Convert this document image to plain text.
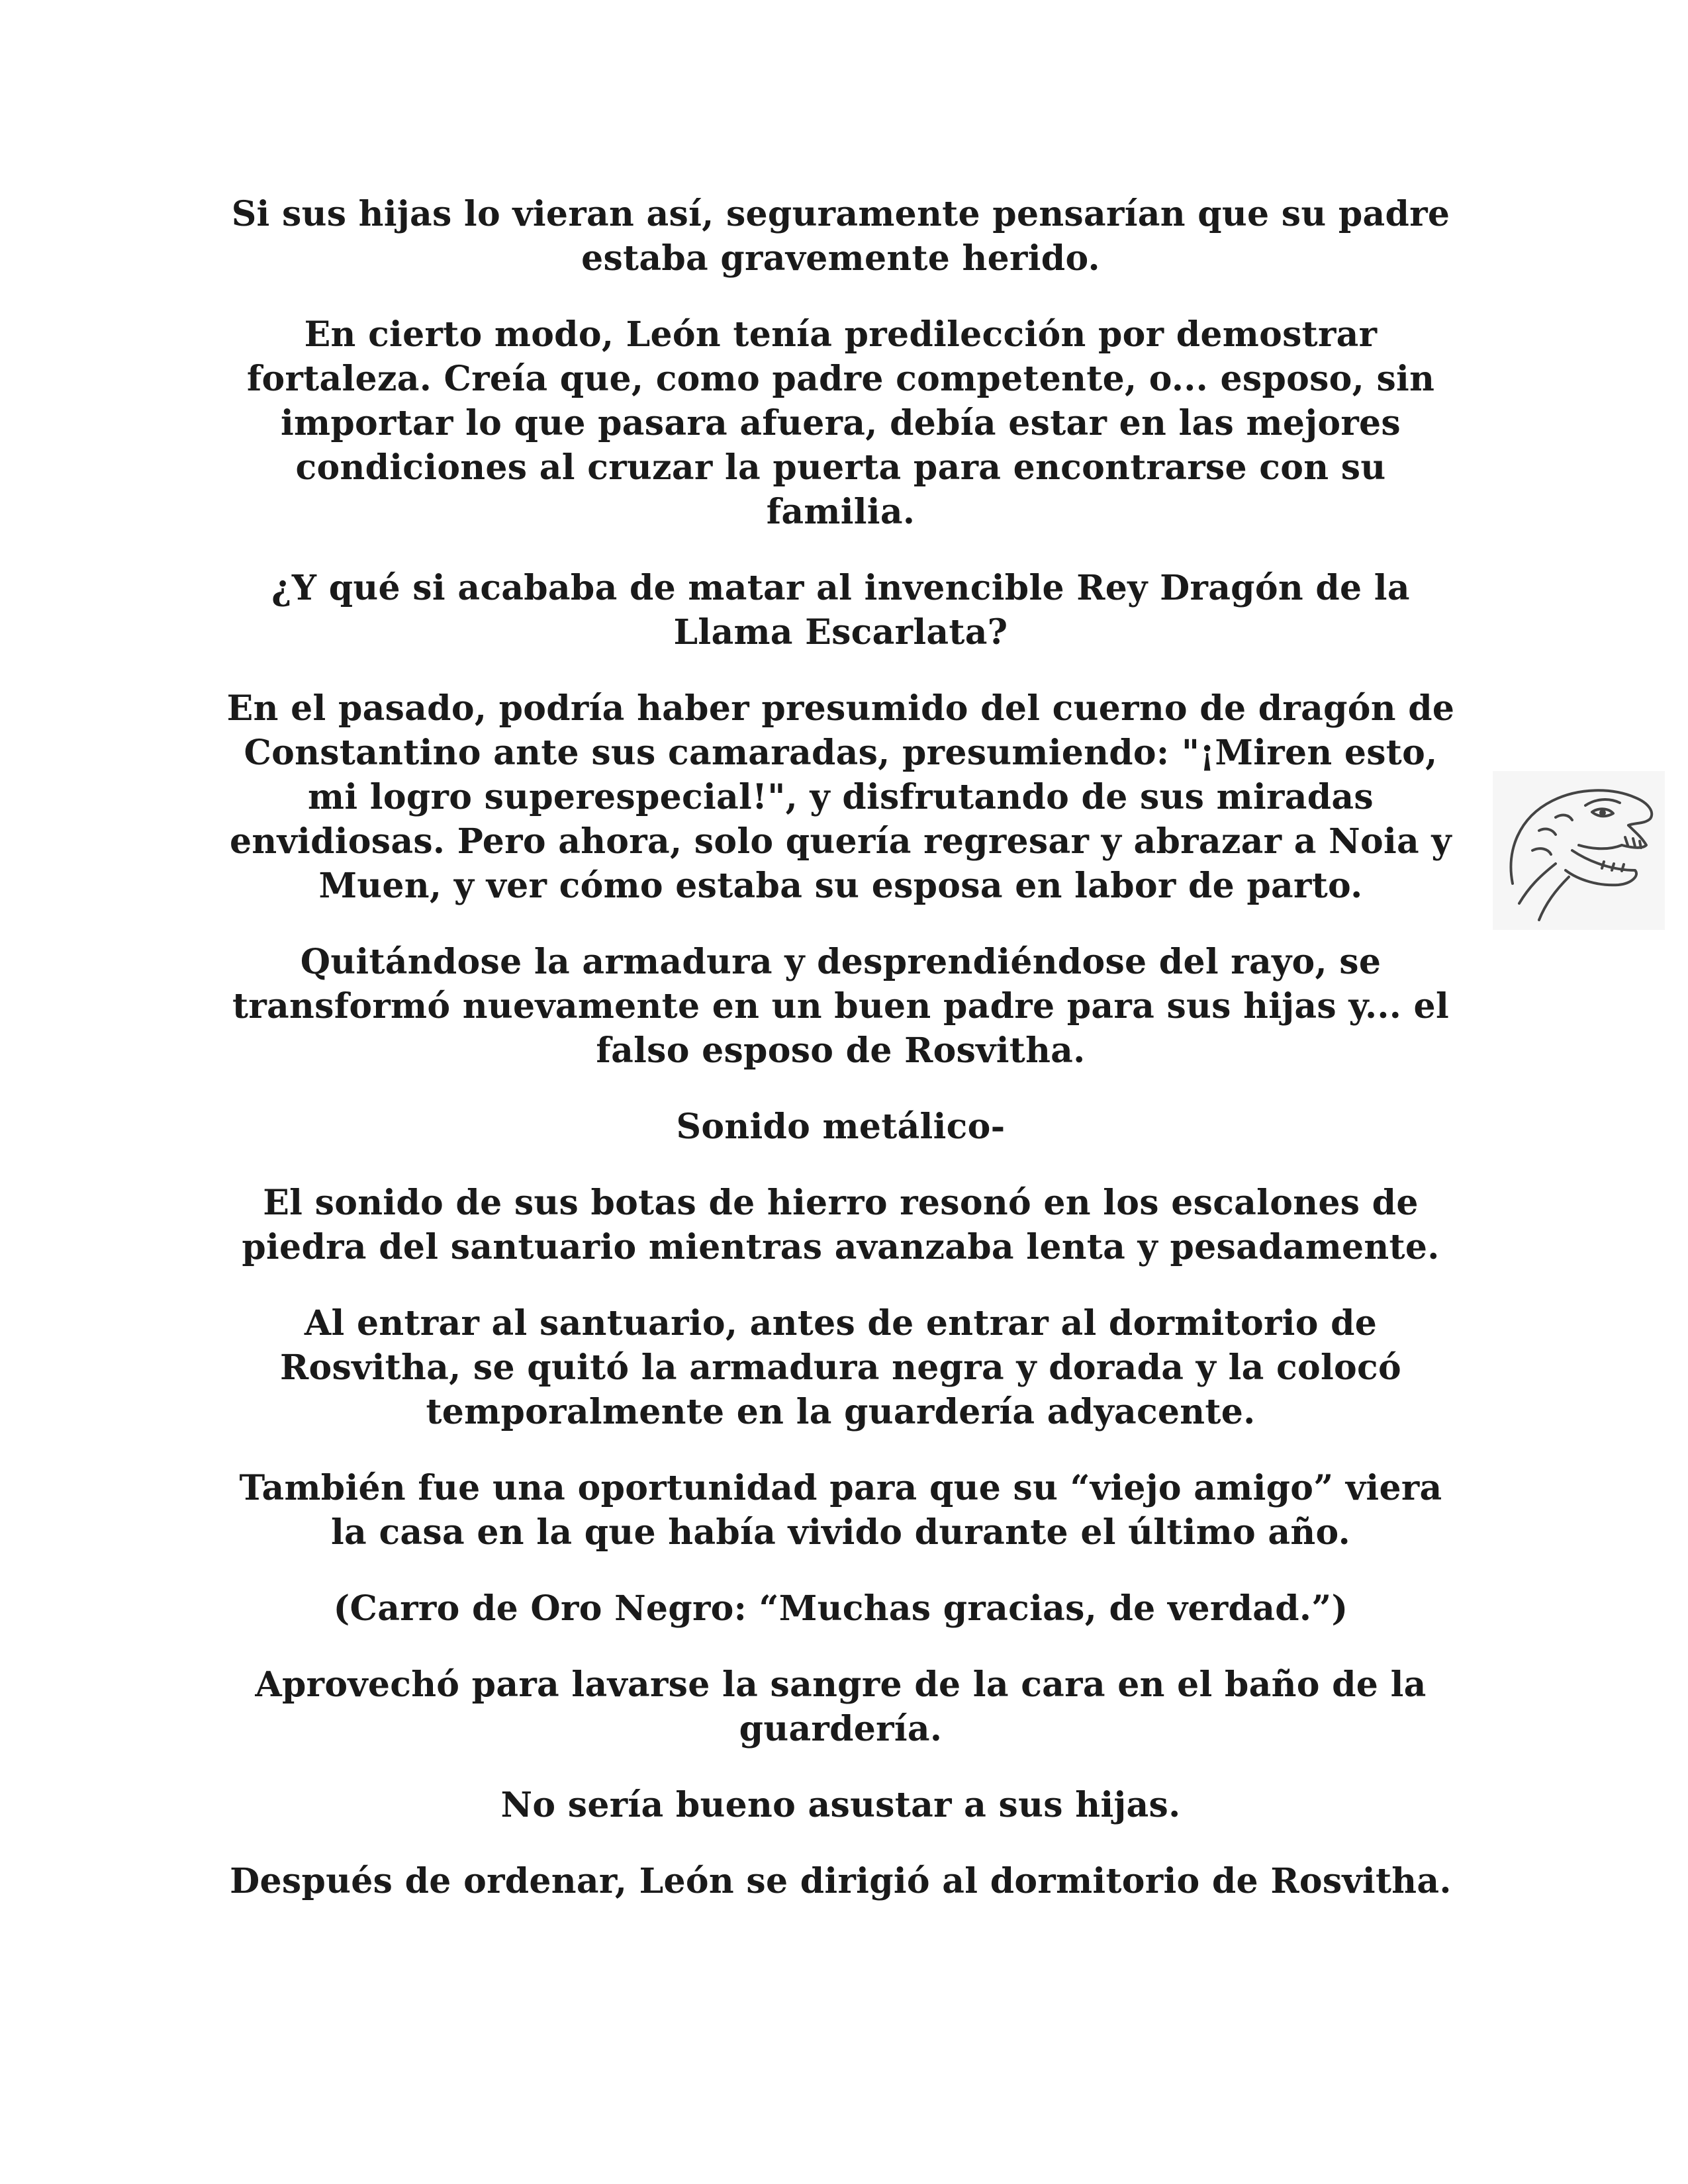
Si sus hijas lo vieran así, seguramente pensarían que su padre estaba gravemente herido.

En cierto modo, León tenía predilección por demostrar fortaleza. Creía que, como padre competente, o... esposo, sin importar lo que pasara afuera, debía estar en las mejores condiciones al cruzar la puerta para encontrarse con su familia.

¿Y qué si acababa de matar al invencible Rey Dragón de la Llama Escarlata?

En el pasado, podría haber presumido del cuerno de dragón de Constantino ante sus camaradas, presumiendo: "¡Miren esto, mi logro superespecial!", y disfrutando de sus miradas envidiosas. Pero ahora, solo quería regresar y abrazar a Noia y Muen, y ver cómo estaba su esposa en labor de parto.

Quitándose la armadura y desprendiéndose del rayo, se transformó nuevamente en un buen padre para sus hijas y... el falso esposo de Rosvitha.

Sonido metálico-

El sonido de sus botas de hierro resonó en los escalones de piedra del santuario mientras avanzaba lenta y pesadamente.

Al entrar al santuario, antes de entrar al dormitorio de Rosvitha, se quitó la armadura negra y dorada y la colocó temporalmente en la guardería adyacente.

También fue una oportunidad para que su “viejo amigo” viera la casa en la que había vivido durante el último año.

(Carro de Oro Negro: “Muchas gracias, de verdad.”)

Aprovechó para lavarse la sangre de la cara en el baño de la guardería.

No sería bueno asustar a sus hijas.

Después de ordenar, León se dirigió al dormitorio de Rosvitha.
